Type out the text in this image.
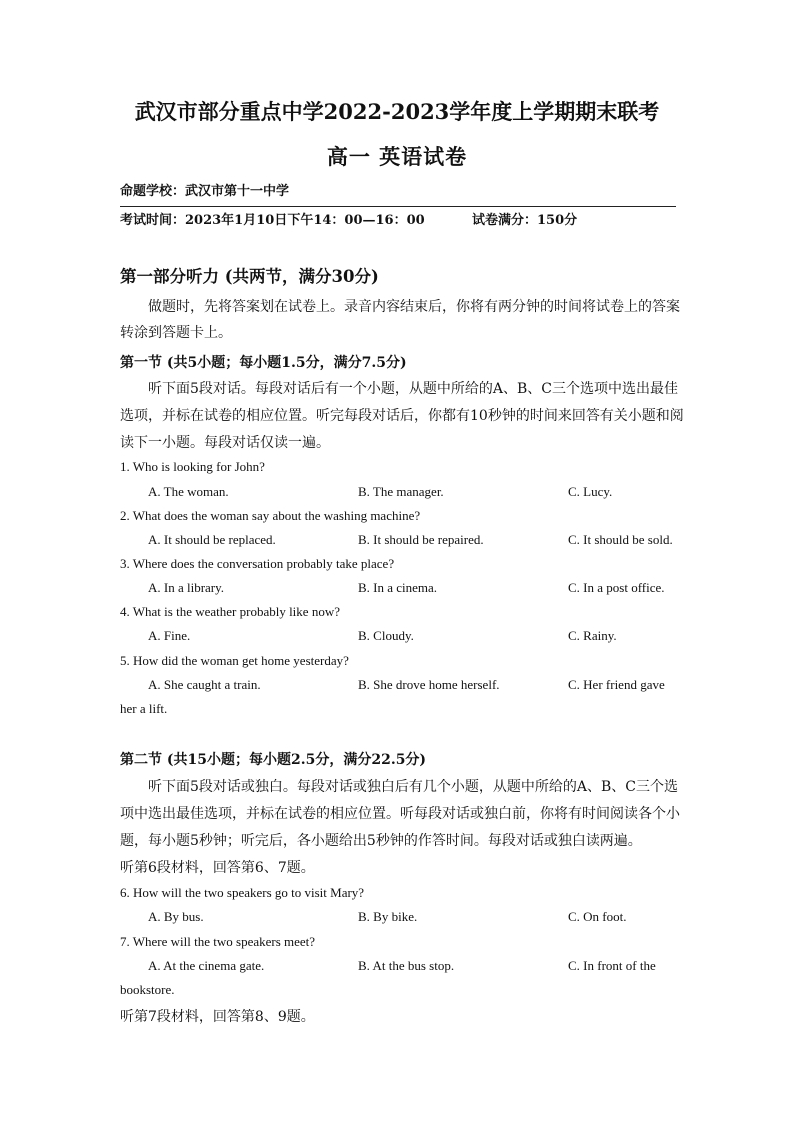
武汉市部分重点中学2022-2023学年度上学期期末联考
高一 英语试卷
命题学校：武汉市第十一中学
考试时间：2023年1月10日下午14：00—16：00	试卷满分：150分
第一部分听力 (共两节，满分30分)
做题时，先将答案划在试卷上。录音内容结束后，你将有两分钟的时间将试卷上的答案
转涂到答题卡上。
第一节 (共5小题；每小题1.5分，满分7.5分)
听下面5段对话。每段对话后有一个小题，从题中所给的A、B、C三个选项中选出最佳
选项，并标在试卷的相应位置。听完每段对话后，你都有10秒钟的时间来回答有关小题和阅
读下一小题。每段对话仅读一遍。
1. Who is looking for John?
A. The woman.	B. The manager.	C. Lucy.
2. What does the woman say about the washing machine?
A. It should be replaced.	B. It should be repaired.	C. It should be sold.
3. Where does the conversation probably take place?
A. In a library.	B. In a cinema.	C. In a post office.
4. What is the weather probably like now?
A. Fine.	B. Cloudy.	C. Rainy.
5. How did the woman get home yesterday?
A. She caught a train.	B. She drove home herself.	C. Her friend gave
her a lift.
第二节 (共15小题；每小题2.5分，满分22.5分)
听下面5段对话或独白。每段对话或独白后有几个小题，从题中所给的A、B、C三个选
项中选出最佳选项，并标在试卷的相应位置。听每段对话或独白前，你将有时间阅读各个小
题，每小题5秒钟；听完后，各小题给出5秒钟的作答时间。每段对话或独白读两遍。
听第6段材料，回答第6、7题。
6. How will the two speakers go to visit Mary?
A. By bus.	B. By bike.	C. On foot.
7. Where will the two speakers meet?
A. At the cinema gate.	B. At the bus stop.	C. In front of the
bookstore.
听第7段材料，回答第8、9题。
